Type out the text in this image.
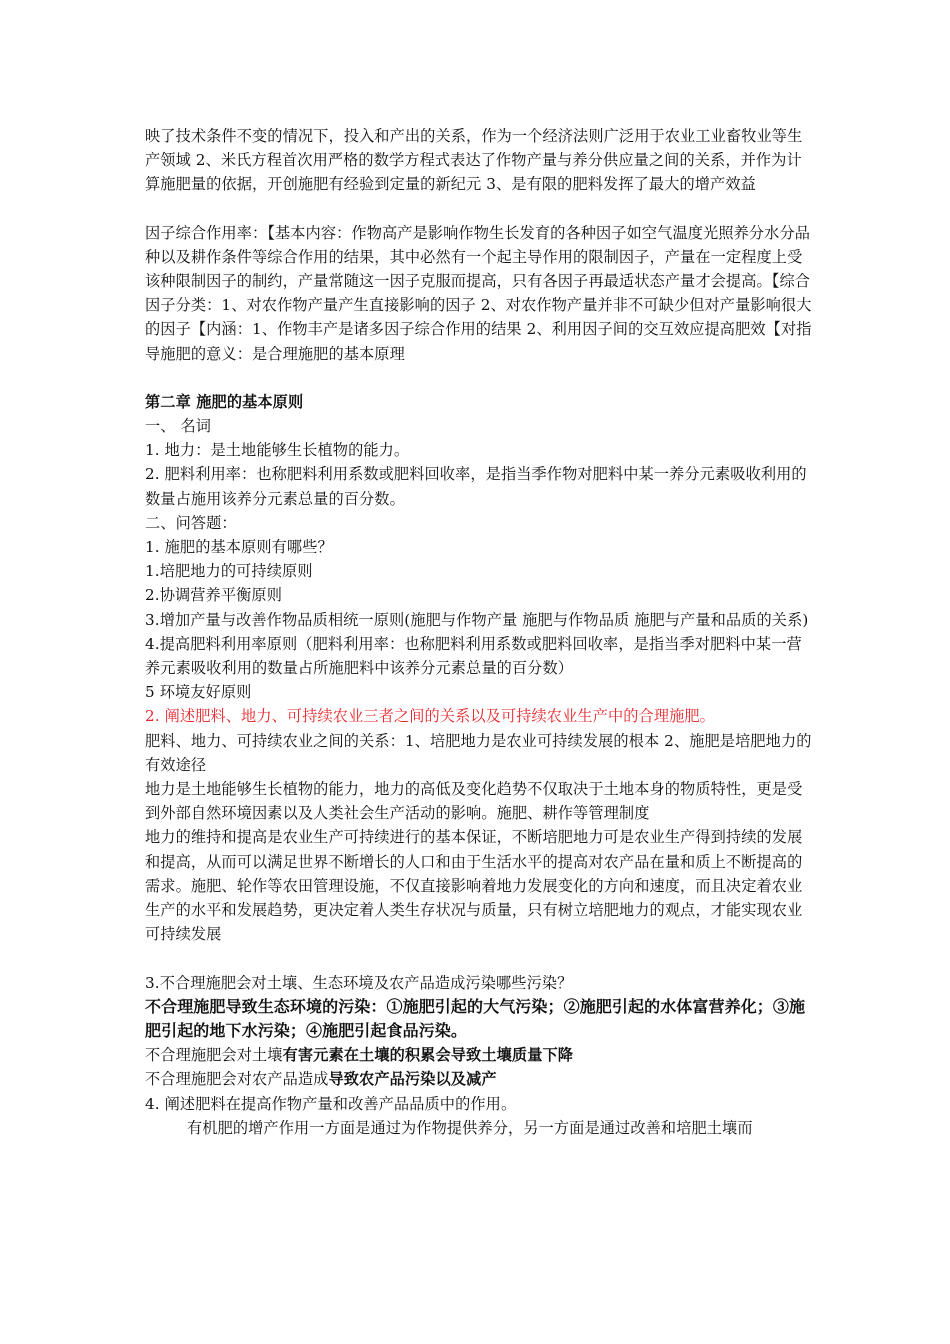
映了技术条件不变的情况下，投入和产出的关系，作为一个经济法则广泛用于农业工业畜牧业等生产领域 2、米氏方程首次用严格的数学方程式表达了作物产量与养分供应量之间的关系，并作为计算施肥量的依据，开创施肥有经验到定量的新纪元 3、是有限的肥料发挥了最大的增产效益

因子综合作用率：【基本内容：作物高产是影响作物生长发育的各种因子如空气温度光照养分水分品种以及耕作条件等综合作用的结果，其中必然有一个起主导作用的限制因子，产量在一定程度上受该种限制因子的制约，产量常随这一因子克服而提高，只有各因子再最适状态产量才会提高。【综合因子分类：1、对农作物产量产生直接影响的因子 2、对农作物产量并非不可缺少但对产量影响很大的因子【内涵：1、作物丰产是诸多因子综合作用的结果 2、利用因子间的交互效应提高肥效【对指导施肥的意义：是合理施肥的基本原理

第二章 施肥的基本原则

一、 名词

1. 地力：是土地能够生长植物的能力。

2. 肥料利用率：也称肥料利用系数或肥料回收率，是指当季作物对肥料中某一养分元素吸收利用的数量占施用该养分元素总量的百分数。

二、问答题：

1. 施肥的基本原则有哪些？

1.培肥地力的可持续原则

2.协调营养平衡原则

3.增加产量与改善作物品质相统一原则(施肥与作物产量 施肥与作物品质 施肥与产量和品质的关系)

4.提高肥料利用率原则（肥料利用率：也称肥料利用系数或肥料回收率，是指当季对肥料中某一营养元素吸收利用的数量占所施肥料中该养分元素总量的百分数）

5 环境友好原则

2. 阐述肥料、地力、可持续农业三者之间的关系以及可持续农业生产中的合理施肥。

肥料、地力、可持续农业之间的关系：1、培肥地力是农业可持续发展的根本 2、施肥是培肥地力的有效途径

地力是土地能够生长植物的能力，地力的高低及变化趋势不仅取决于土地本身的物质特性，更是受到外部自然环境因素以及人类社会生产活动的影响。施肥、耕作等管理制度

地力的维持和提高是农业生产可持续进行的基本保证，不断培肥地力可是农业生产得到持续的发展和提高，从而可以满足世界不断增长的人口和由于生活水平的提高对农产品在量和质上不断提高的需求。施肥、轮作等农田管理设施，不仅直接影响着地力发展变化的方向和速度，而且决定着农业生产的水平和发展趋势，更决定着人类生存状况与质量，只有树立培肥地力的观点，才能实现农业可持续发展

3.不合理施肥会对土壤、生态环境及农产品造成污染哪些污染？

不合理施肥导致生态环境的污染：①施肥引起的大气污染；②施肥引起的水体富营养化；③施肥引起的地下水污染；④施肥引起食品污染。

不合理施肥会对土壤有害元素在土壤的积累会导致土壤质量下降

不合理施肥会对农产品造成导致农产品污染以及减产

4. 阐述肥料在提高作物产量和改善产品品质中的作用。

有机肥的增产作用一方面是通过为作物提供养分，另一方面是通过改善和培肥土壤而
